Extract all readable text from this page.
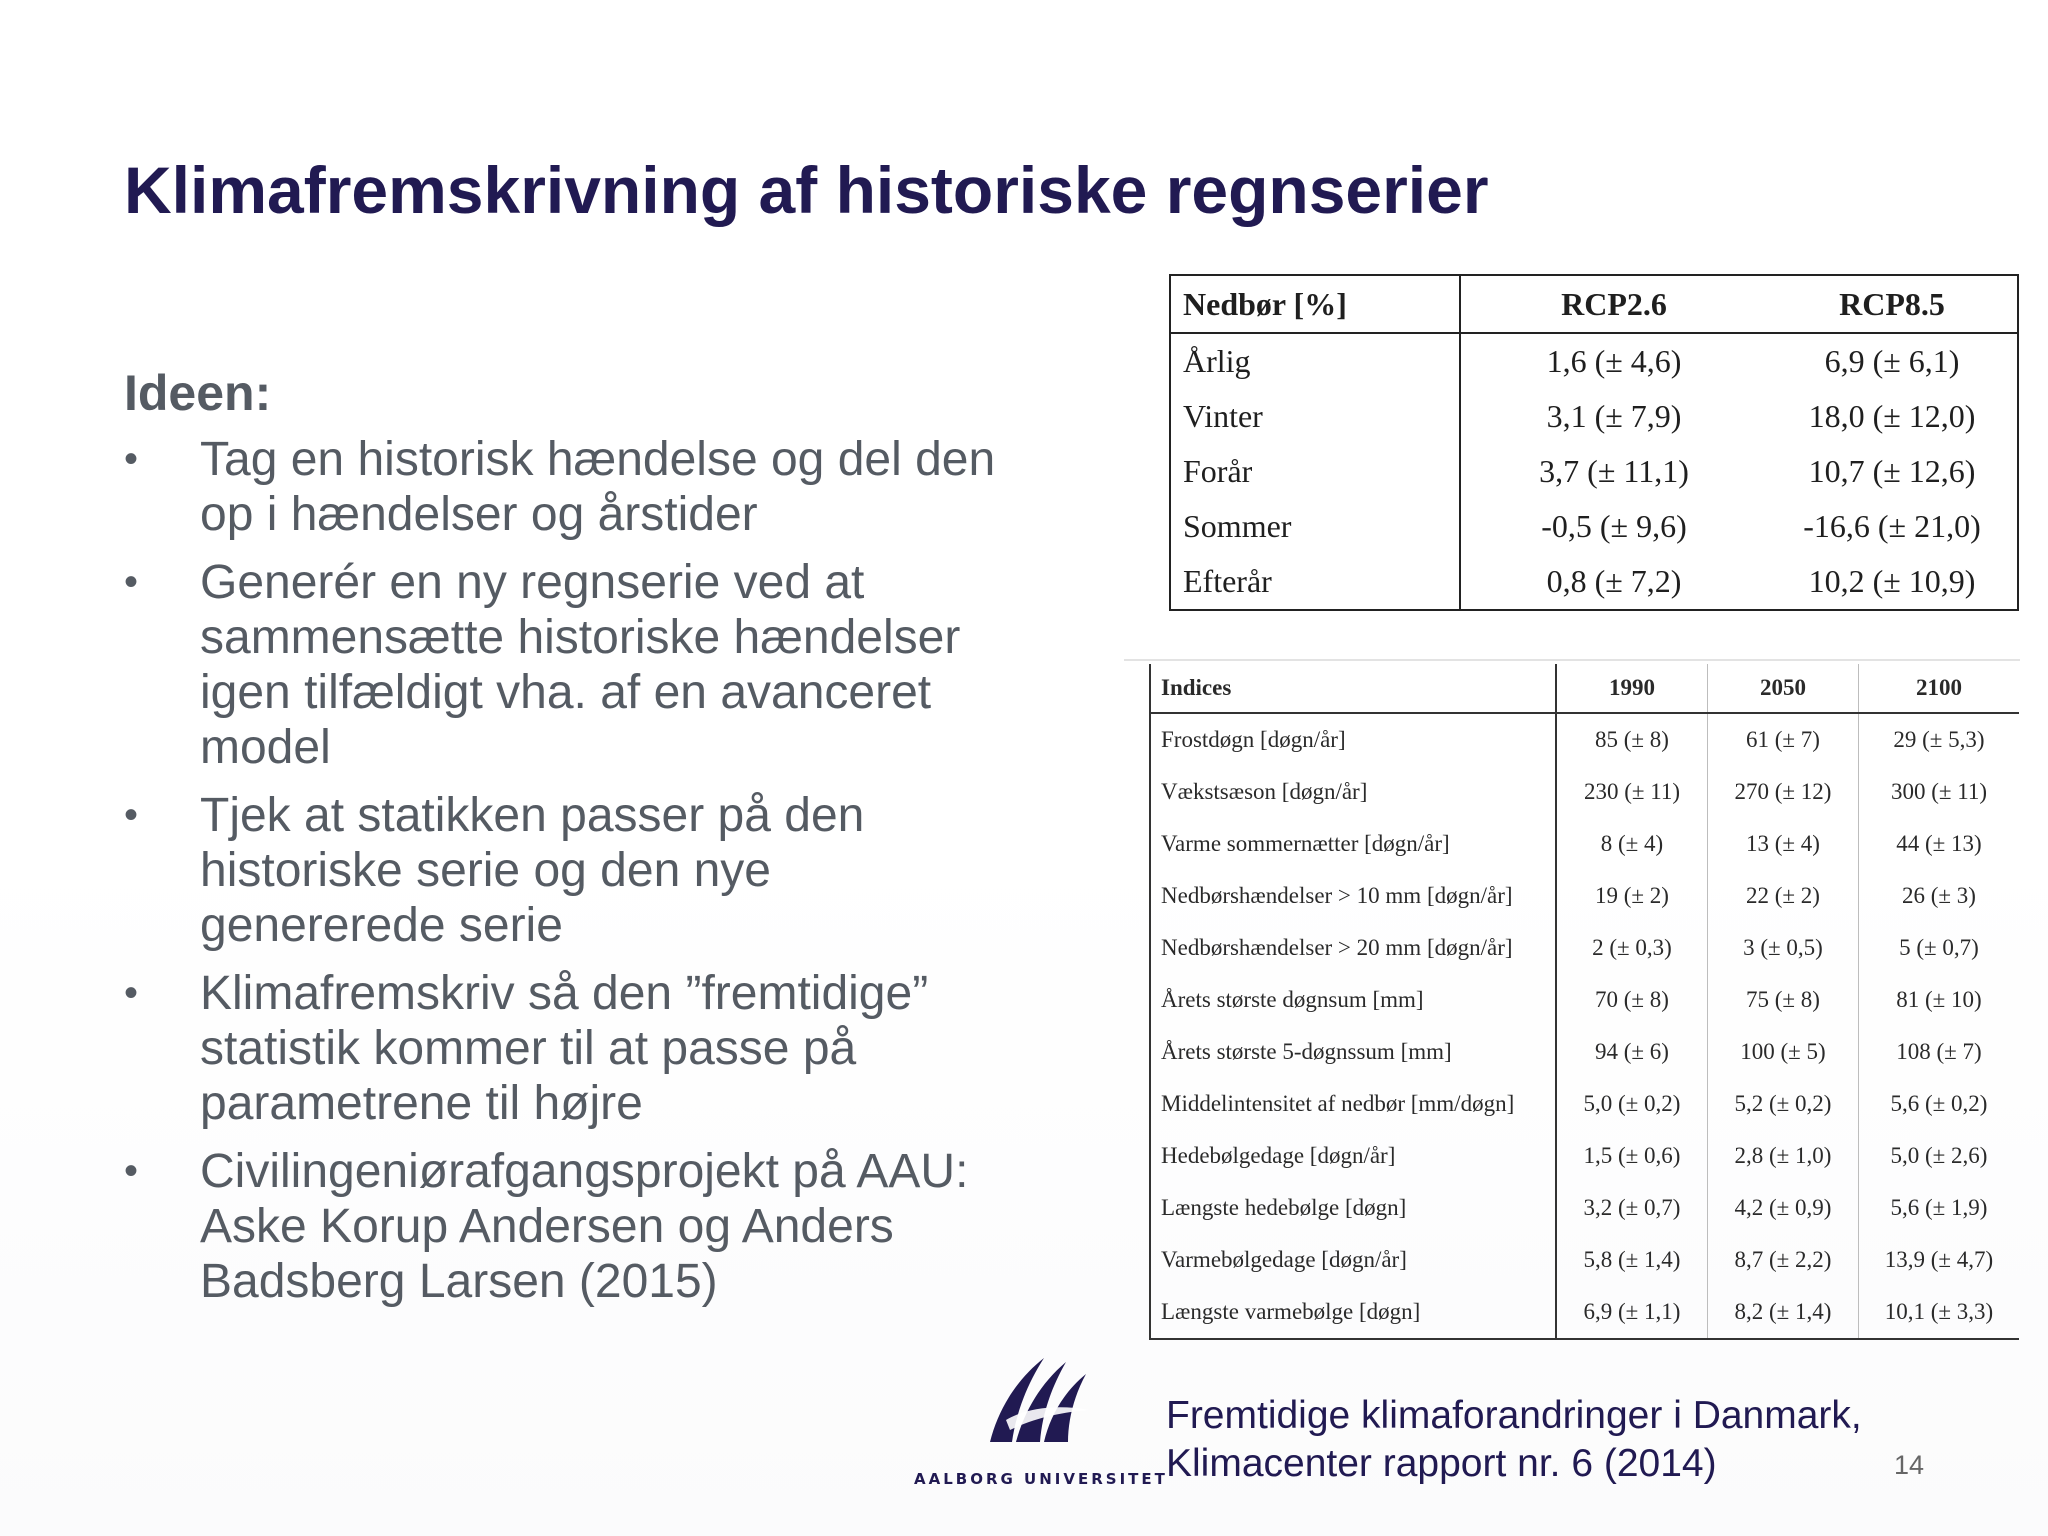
Klimafremskrivning af historiske regnserier
Ideen:
•	Tag en historisk hændelse og del den
op i hændelser og årstider
•	Generér en ny regnserie ved at
sammensætte historiske hændelser
igen tilfældigt vha. af en avanceret
model
•	Tjek at statikken passer på den
historiske serie og den nye
genererede serie
•	Klimafremskriv så den ”fremtidige”
statistik kommer til at passe på
parametrene til højre
•	Civilingeniørafgangsprojekt på AAU:
Aske Korup Andersen og Anders
Badsberg Larsen (2015)
Nedbør [%]	RCP2.6	RCP8.5
Årlig	1,6 (± 4,6)	6,9 (± 6,1)
Vinter	3,1 (± 7,9)	18,0 (± 12,0)
Forår	3,7 (± 11,1)	10,7 (± 12,6)
Sommer	-0,5 (± 9,6)	-16,6 (± 21,0)
Efterår	0,8 (± 7,2)	10,2 (± 10,9)
Indices	1990	2050	2100
Frostdøgn [døgn/år]	85 (± 8)	61 (± 7)	29 (± 5,3)
Vækstsæson [døgn/år]	230 (± 11)	270 (± 12)	300 (± 11)
Varme sommernætter [døgn/år]	8 (± 4)	13 (± 4)	44 (± 13)
Nedbørshændelser > 10 mm [døgn/år]	19 (± 2)	22 (± 2)	26 (± 3)
Nedbørshændelser > 20 mm [døgn/år]	2 (± 0,3)	3 (± 0,5)	5 (± 0,7)
Årets største døgnsum [mm]	70 (± 8)	75 (± 8)	81 (± 10)
Årets største 5-døgnssum [mm]	94 (± 6)	100 (± 5)	108 (± 7)
Middelintensitet af nedbør [mm/døgn]	5,0 (± 0,2)	5,2 (± 0,2)	5,6 (± 0,2)
Hedebølgedage [døgn/år]	1,5 (± 0,6)	2,8 (± 1,0)	5,0 (± 2,6)
Længste hedebølge [døgn]	3,2 (± 0,7)	4,2 (± 0,9)	5,6 (± 1,9)
Varmebølgedage [døgn/år]	5,8 (± 1,4)	8,7 (± 2,2)	13,9 (± 4,7)
Længste varmebølge [døgn]	6,9 (± 1,1)	8,2 (± 1,4)	10,1 (± 3,3)
AALBORG UNIVERSITET
Fremtidige klimaforandringer i Danmark,
Klimacenter rapport nr. 6 (2014)	14
